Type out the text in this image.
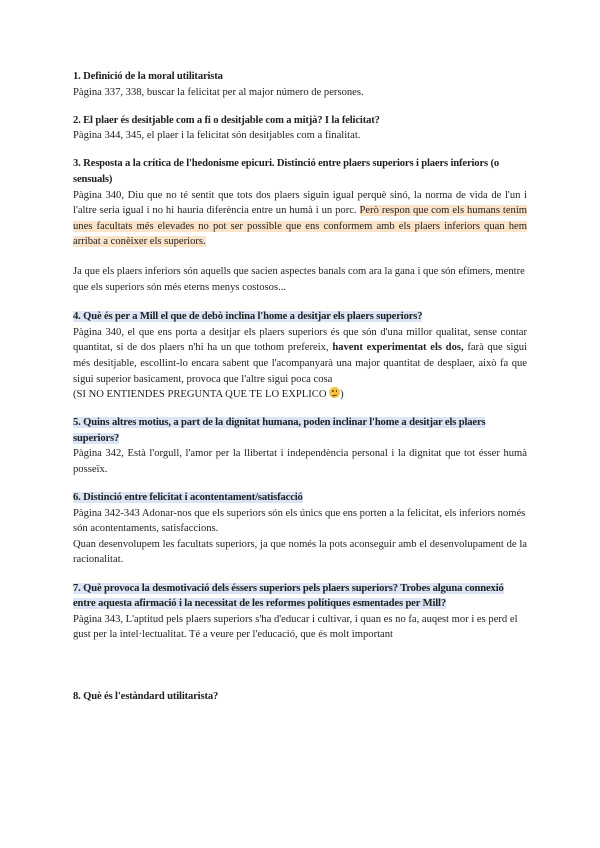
1. Definició de la moral utilitarista
Pàgina 337, 338, buscar la felicitat per al major número de persones.
2. El plaer és desitjable com a fi o desitjable com a mitjà? I la felicitat?
Pàgina 344, 345, el plaer i la felicitat són desitjables com a finalitat.
3. Resposta a la crítica de l'hedonisme epicuri. Distinció entre plaers superiors i plaers inferiors (o sensuals)
Pàgina 340, Diu que no té sentit que tots dos plaers siguin igual perquè sinó, la norma de vida de l'un i l'altre seria igual i no hi hauria diferència entre un humà i un porc. Però respon que com els humans tenim unes facultats més elevades no pot ser possible que ens conformem amb els plaers inferiors quan hem arribat a conèixer els superiors.
Ja que els plaers inferiors són aquells que sacien aspectes banals com ara la gana i que són efímers, mentre que els superiors són més eterns menys costosos...
4. Què és per a Mill el que de debò inclina l'home a desitjar els plaers superiors?
Pàgina 340, el que ens porta a desitjar els plaers superiors és que són d'una millor qualitat, sense contar quantitat, si de dos plaers n'hi ha un que tothom prefereix, havent experimentat els dos, farà que sigui més desitjable, escollint-lo encara sabent que l'acompanyarà una major quantitat de desplaer, això fa que sigui superior basicament, provoca que l'altre sigui poca cosa
(SI NO ENTIENDES PREGUNTA QUE TE LO EXPLICO )
5. Quins altres motius, a part de la dignitat humana, poden inclinar l'home a desitjar els plaers superiors?
Pàgina 342, Està l'orgull, l'amor per la llibertat i independència personal i la dignitat que tot ésser humà posseïx.
6. Distinció entre felicitat i acontentament/satisfacció
Pàgina 342-343 Adonar-nos que els superiors són els únics que ens porten a la felicitat, els inferiors només són acontentaments, satisfaccions.
Quan desenvolupem les facultats superiors, ja que només la pots aconseguir amb el desenvolupament de la racionalitat.
7. Què provoca la desmotivació dels éssers superiors pels plaers superiors? Trobes alguna connexió entre aquesta afirmació i la necessitat de les reformes polítiques esmentades per Mill?
Pàgina 343, L'aptitud pels plaers superiors s'ha d'educar i cultivar, i quan es no fa, auqest mor i es perd el gust per la intel·lectualitat. Té a veure per l'educació, que és molt important
8. Què és l'estàndard utilitarista?
